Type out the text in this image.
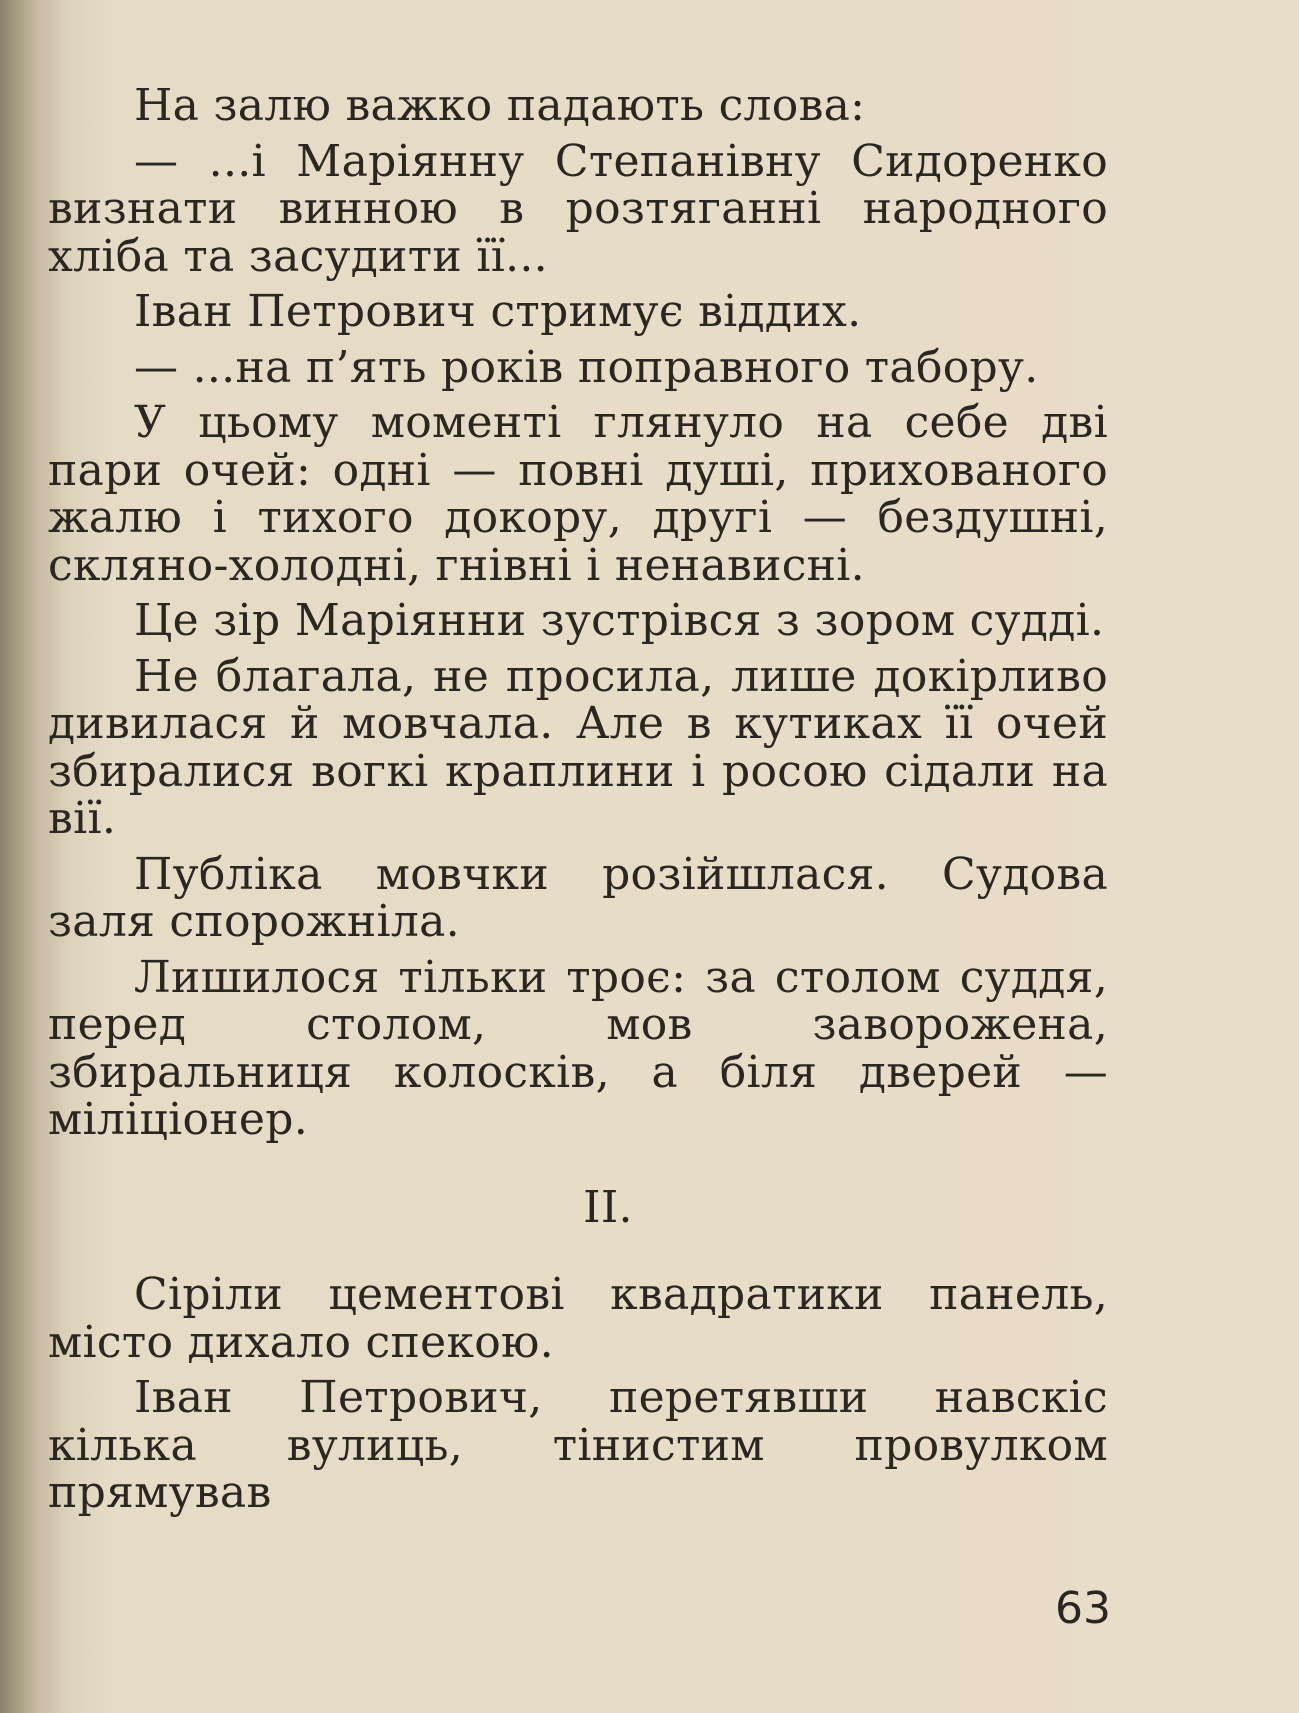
На залю важко падають слова:

— ...і Маріянну Степанівну Сидоренко визнати винною в розтяганні народного хліба та засудити її...

Іван Петрович стримує віддих.

— ...на п’ять років поправного табору.

У цьому моменті глянуло на себе дві пари очей: одні — повні душі, прихованого жалю і тихого докору, другі — бездушні, скляно-холодні, гнівні і ненависні.

Це зір Маріянни зустрівся з зором судді.

Не благала, не просила, лише докірливо дивилася й мовчала. Але в кутиках її очей збиралися вогкі краплини і росою сідали на вії.

Публіка мовчки розійшлася. Судова заля спорожніла.

Лишилося тільки троє: за столом суддя, перед столом, мов заворожена, збиральниця колосків, а біля дверей — міліціонер.

II.

Сіріли цементові квадратики панель, місто дихало спекою.

Іван Петрович, перетявши навскіс кілька вулиць, тінистим провулком прямував

63
